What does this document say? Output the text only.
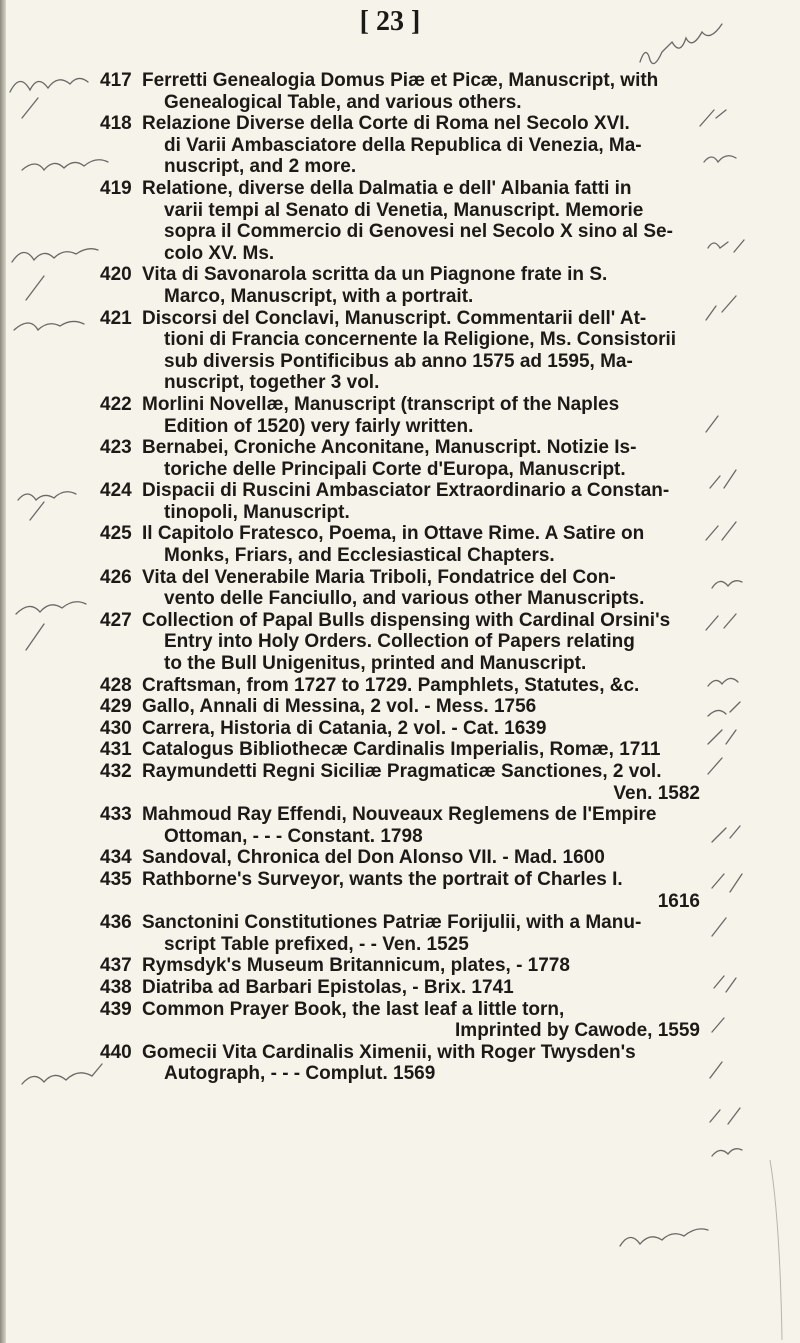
[ 23 ]
417 Ferretti Genealogia Domus Piæ et Picæ, Manuscript, with
Genealogical Table, and various others.
418 Relazione Diverse della Corte di Roma nel Secolo XVI.
di Varii Ambasciatore della Republica di Venezia, Ma-
nuscript, and 2 more.
419 Relatione, diverse della Dalmatia e dell' Albania fatti in
varii tempi al Senato di Venetia, Manuscript. Memorie
sopra il Commercio di Genovesi nel Secolo X sino al Se-
colo XV. Ms.
420 Vita di Savonarola scritta da un Piagnone frate in S.
Marco, Manuscript, with a portrait.
421 Discorsi del Conclavi, Manuscript. Commentarii dell' At-
tioni di Francia concernente la Religione, Ms. Consistorii
sub diversis Pontificibus ab anno 1575 ad 1595, Ma-
nuscript, together 3 vol.
422 Morlini Novellæ, Manuscript (transcript of the Naples
Edition of 1520) very fairly written.
423 Bernabei, Croniche Anconitane, Manuscript. Notizie Is-
toriche delle Principali Corte d'Europa, Manuscript.
424 Dispacii di Ruscini Ambasciator Extraordinario a Constan-
tinopoli, Manuscript.
425 Il Capitolo Fratesco, Poema, in Ottave Rime. A Satire on
Monks, Friars, and Ecclesiastical Chapters.
426 Vita del Venerabile Maria Triboli, Fondatrice del Con-
vento delle Fanciullo, and various other Manuscripts.
427 Collection of Papal Bulls dispensing with Cardinal Orsini's
Entry into Holy Orders. Collection of Papers relating
to the Bull Unigenitus, printed and Manuscript.
428 Craftsman, from 1727 to 1729. Pamphlets, Statutes, &c.
429 Gallo, Annali di Messina, 2 vol. - Mess. 1756
430 Carrera, Historia di Catania, 2 vol. - Cat. 1639
431 Catalogus Bibliothecæ Cardinalis Imperialis, Romæ, 1711
432 Raymundetti Regni Siciliæ Pragmaticæ Sanctiones, 2 vol.
Ven. 1582
433 Mahmoud Ray Effendi, Nouveaux Reglemens de l'Empire
Ottoman, - - - Constant. 1798
434 Sandoval, Chronica del Don Alonso VII. - Mad. 1600
435 Rathborne's Surveyor, wants the portrait of Charles I.
1616
436 Sanctonini Constitutiones Patriæ Forijulii, with a Manu-
script Table prefixed, - - Ven. 1525
437 Rymsdyk's Museum Britannicum, plates, - 1778
438 Diatriba ad Barbari Epistolas, - Brix. 1741
439 Common Prayer Book, the last leaf a little torn,
Imprinted by Cawode, 1559
440 Gomecii Vita Cardinalis Ximenii, with Roger Twysden's
Autograph, - - - Complut. 1569
